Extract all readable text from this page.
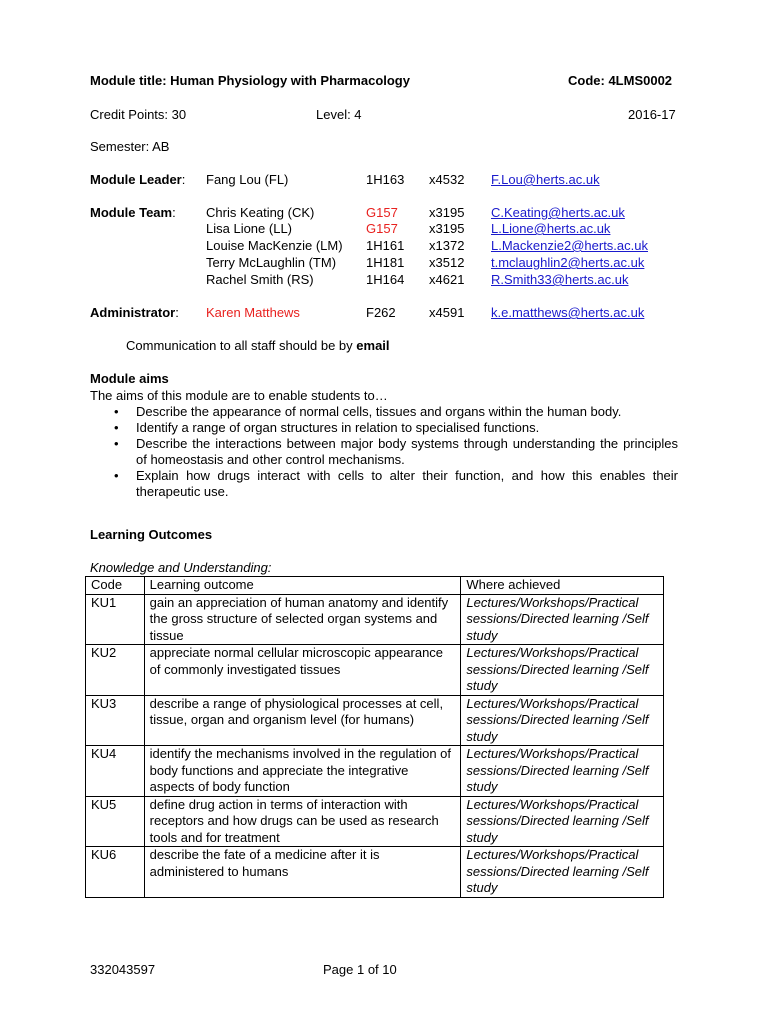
Module title: Human Physiology with Pharmacology	Code: 4LMS0002
Credit Points: 30	Level: 4	2016-17
Semester: AB
Module Leader: Fang Lou (FL)	1H163 x4532 F.Lou@herts.ac.uk
Module Team: Chris Keating (CK)	G157 x3195 C.Keating@herts.ac.uk
Lisa Lione (LL)	G157 x3195 L.Lione@herts.ac.uk
Louise MacKenzie (LM) 1H161 x1372 L.Mackenzie2@herts.ac.uk
Terry McLaughlin (TM) 1H181 x3512 t.mclaughlin2@herts.ac.uk
Rachel Smith (RS)	1H164 x4621 R.Smith33@herts.ac.uk
Administrator: Karen Matthews	F262	x4591 k.e.matthews@herts.ac.uk
Communication to all staff should be by email
Module aims

The aims of this module are to enable students to…

• Describe the appearance of normal cells, tissues and organs within the human body.
• Identify a range of organ structures in relation to specialised functions.
• Describe the interactions between major body systems through understanding the principles of homeostasis and other control mechanisms.
• Explain how drugs interact with cells to alter their function, and how this enables their therapeutic use.
Learning Outcomes
Knowledge and Understanding:
Code	Learning outcome	Where achieved
KU1	gain an appreciation of human anatomy and identify the gross structure of selected organ systems and tissue	Lectures/Workshops/Practical sessions/Directed learning /Self study
KU2	appreciate normal cellular microscopic appearance of commonly investigated tissues	Lectures/Workshops/Practical sessions/Directed learning /Self study
KU3	describe a range of physiological processes at cell, tissue, organ and organism level (for humans)	Lectures/Workshops/Practical sessions/Directed learning /Self study
KU4	identify the mechanisms involved in the regulation of body functions and appreciate the integrative aspects of body function	Lectures/Workshops/Practical sessions/Directed learning /Self study
KU5	define drug action in terms of interaction with receptors and how drugs can be used as research tools and for treatment	Lectures/Workshops/Practical sessions/Directed learning /Self study
KU6	describe the fate of a medicine after it is administered to humans	Lectures/Workshops/Practical sessions/Directed learning /Self study
332043597	Page 1 of 10
